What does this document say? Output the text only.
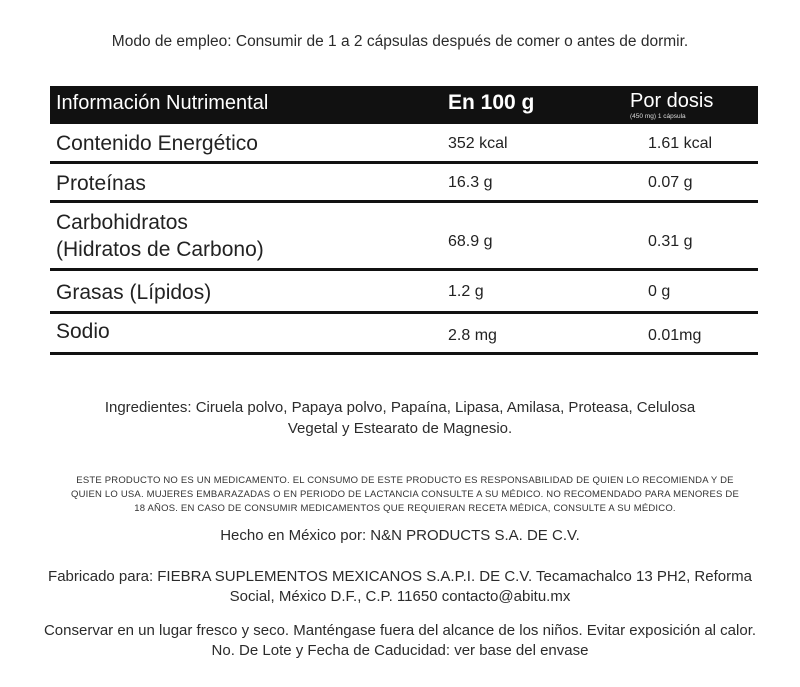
Modo de empleo: Consumir de 1 a 2 cápsulas después de comer o antes de dormir.
Información Nutrimental	En 100 g	Por dosis
(450 mg) 1 cápsula
Contenido Energético	352 kcal	1.61 kcal
Proteínas	16.3 g	0.07 g
Carbohidratos
(Hidratos de Carbono)	68.9 g	0.31 g
Grasas (Lípidos)	1.2 g	0 g
Sodio	2.8 mg	0.01mg
Ingredientes: Ciruela polvo, Papaya polvo, Papaína, Lipasa, Amilasa, Proteasa, Celulosa
Vegetal y Estearato de Magnesio.
ESTE PRODUCTO NO ES UN MEDICAMENTO. EL CONSUMO DE ESTE PRODUCTO ES RESPONSABILIDAD DE QUIEN LO RECOMIENDA Y DE
QUIEN LO USA. MUJERES EMBARAZADAS O EN PERIODO DE LACTANCIA CONSULTE A SU MÉDICO. NO RECOMENDADO PARA MENORES DE
18 AÑOS. EN CASO DE CONSUMIR MEDICAMENTOS QUE REQUIERAN RECETA MÉDICA, CONSULTE A SU MÉDICO.
Hecho en México por: N&N PRODUCTS S.A. DE C.V.
Fabricado para: FIEBRA SUPLEMENTOS MEXICANOS S.A.P.I. DE C.V. Tecamachalco 13 PH2, Reforma
Social, México D.F., C.P. 11650 contacto@abitu.mx
Conservar en un lugar fresco y seco. Manténgase fuera del alcance de los niños. Evitar exposición al calor.
No. De Lote y Fecha de Caducidad: ver base del envase
